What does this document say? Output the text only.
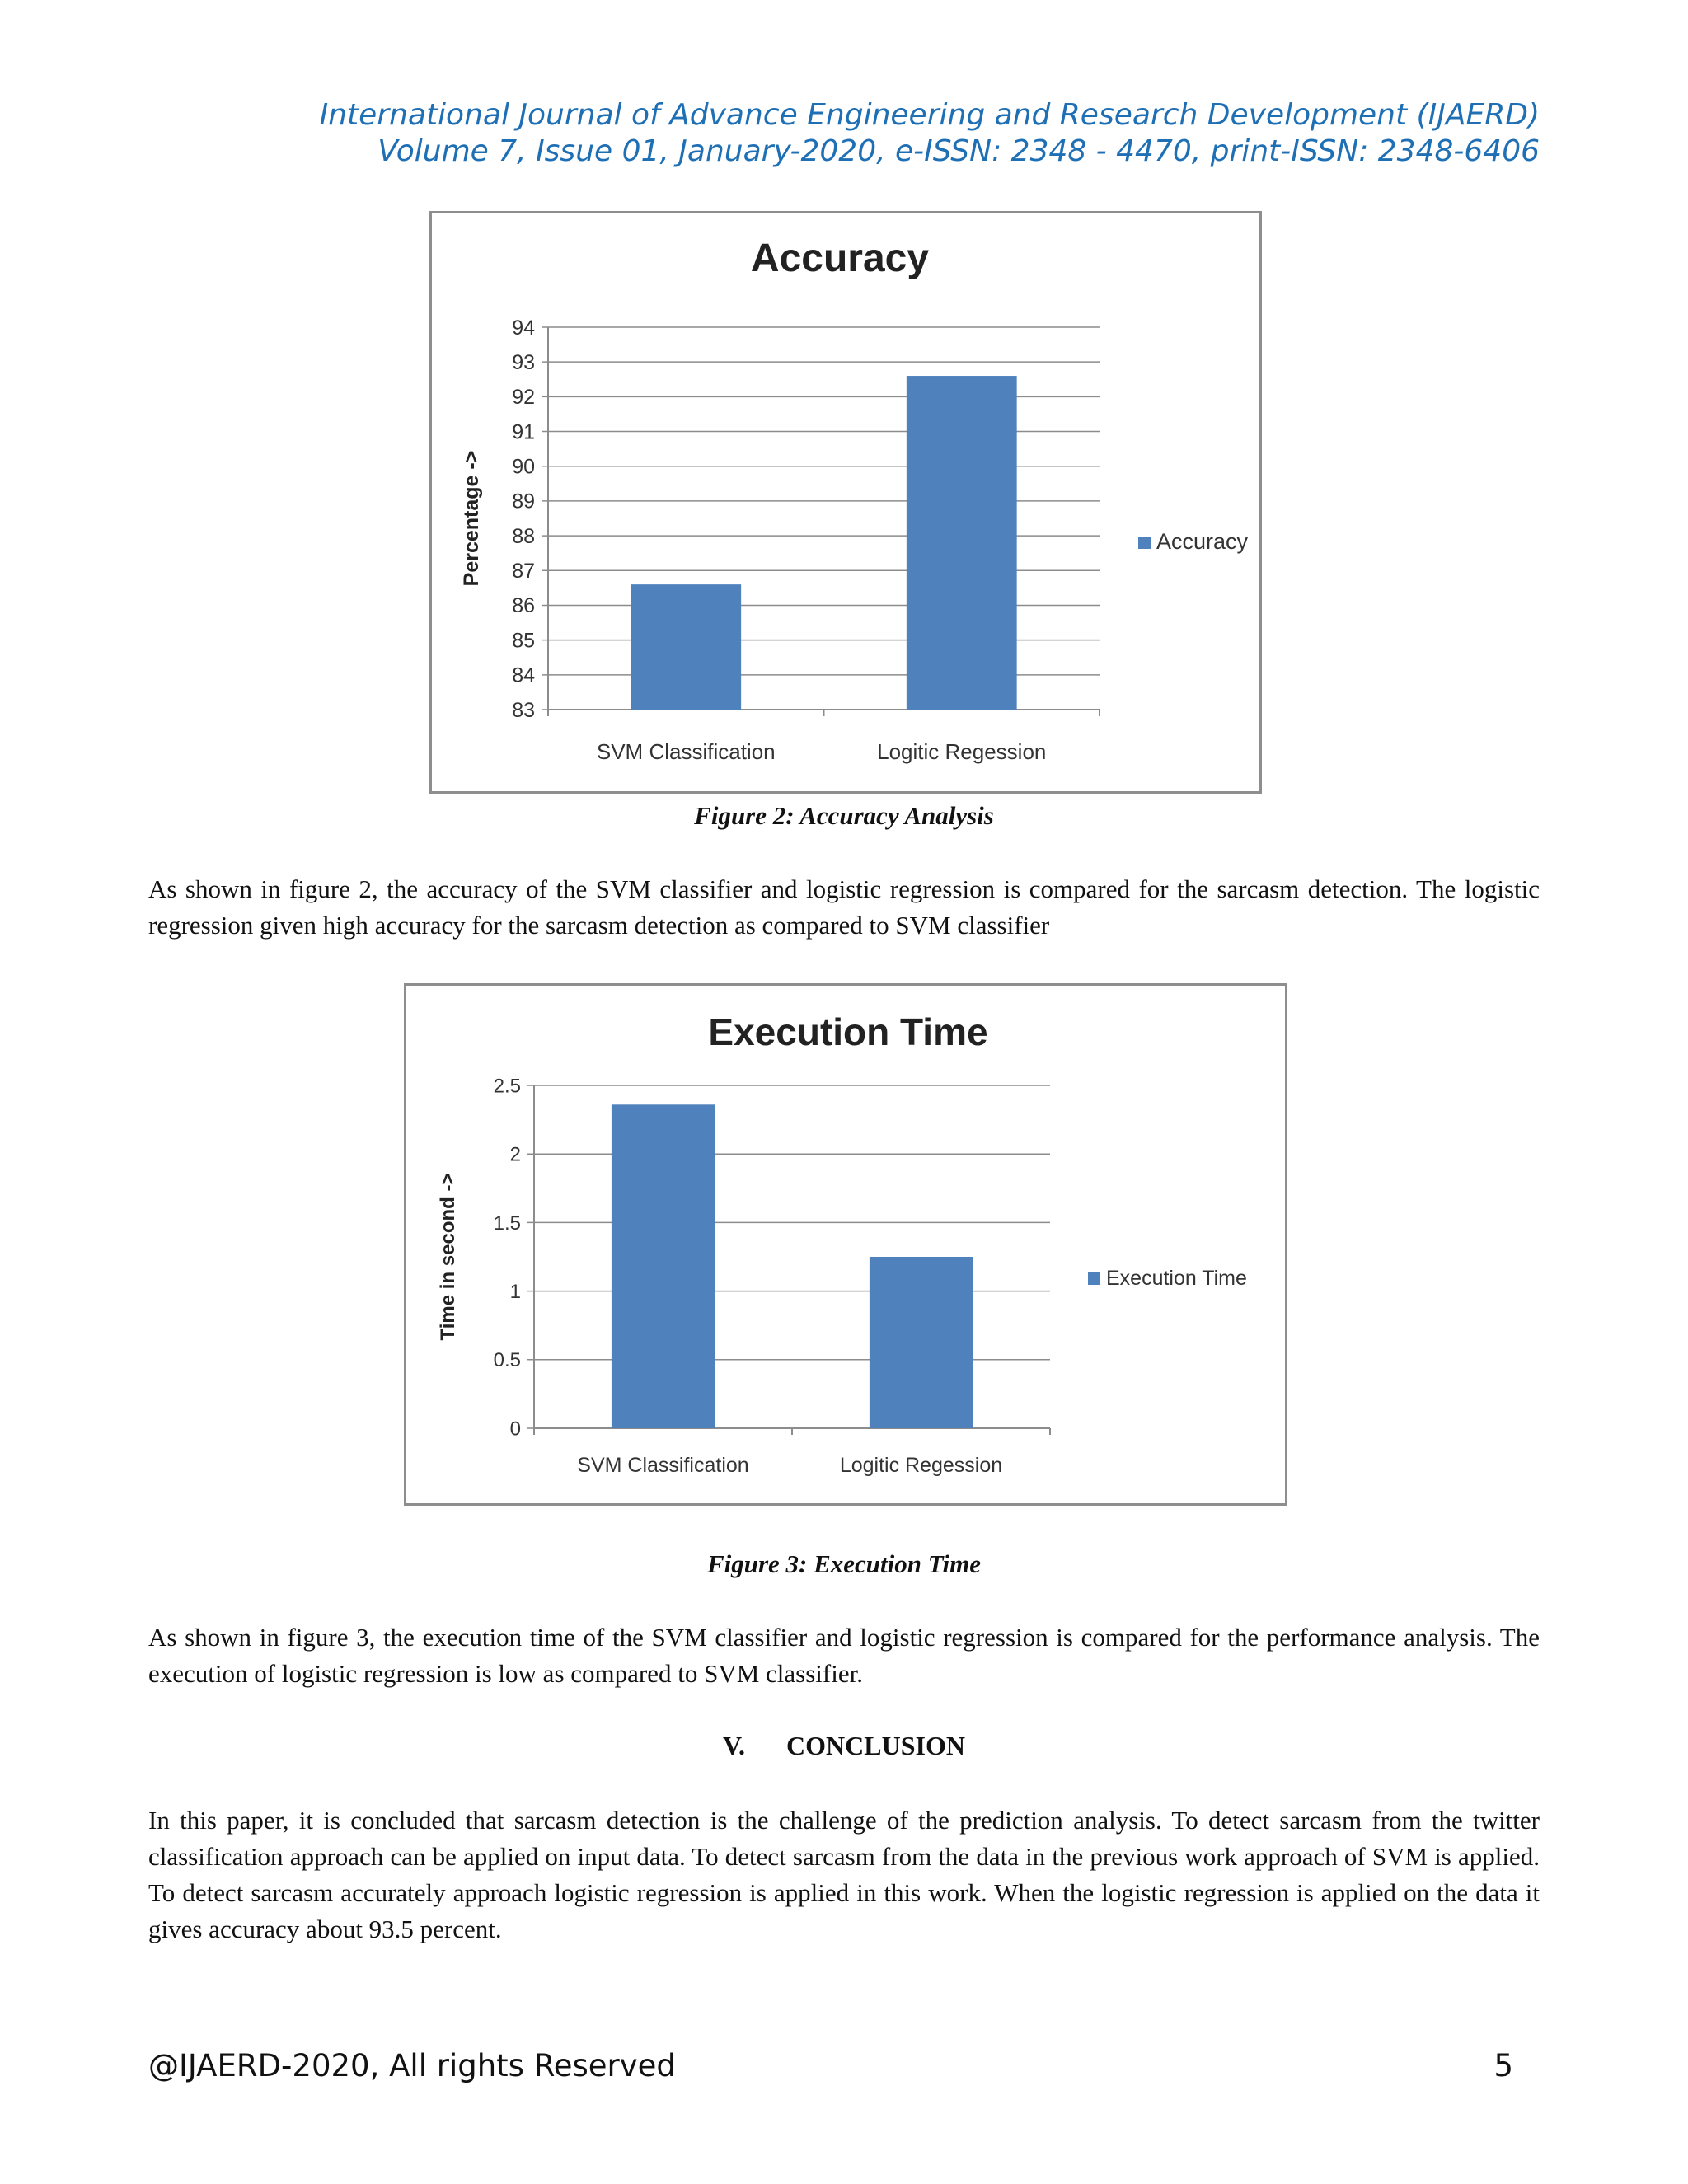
International Journal of Advance Engineering and Research Development (IJAERD)
Volume 7, Issue 01, January-2020, e-ISSN: 2348 - 4470, print-ISSN: 2348-6406
Accuracy
83
84
85
86
87
88
89
90
91
92
93
94
SVM Classification	Logitic Regession
Percentage ->	Accuracy
Figure 2: Accuracy Analysis
As shown in figure 2, the accuracy of the SVM classifier and logistic regression is compared for the sarcasm detection. The logistic regression given high accuracy for the sarcasm detection as compared to SVM classifier
Execution Time
0
0.5
1
1.5
2
2.5
SVM Classification	Logitic Regession
Time in second ->	Execution Time
Figure 3: Execution Time
As shown in figure 3, the execution time of the SVM classifier and logistic regression is compared for the performance analysis. The execution of logistic regression is low as compared to SVM classifier.
V. CONCLUSION
In this paper, it is concluded that sarcasm detection is the challenge of the prediction analysis. To detect sarcasm from the twitter classification approach can be applied on input data. To detect sarcasm from the data in the previous work approach of SVM is applied. To detect sarcasm accurately approach logistic regression is applied in this work. When the logistic regression is applied on the data it gives accuracy about 93.5 percent.
@IJAERD-2020, All rights Reserved	5
